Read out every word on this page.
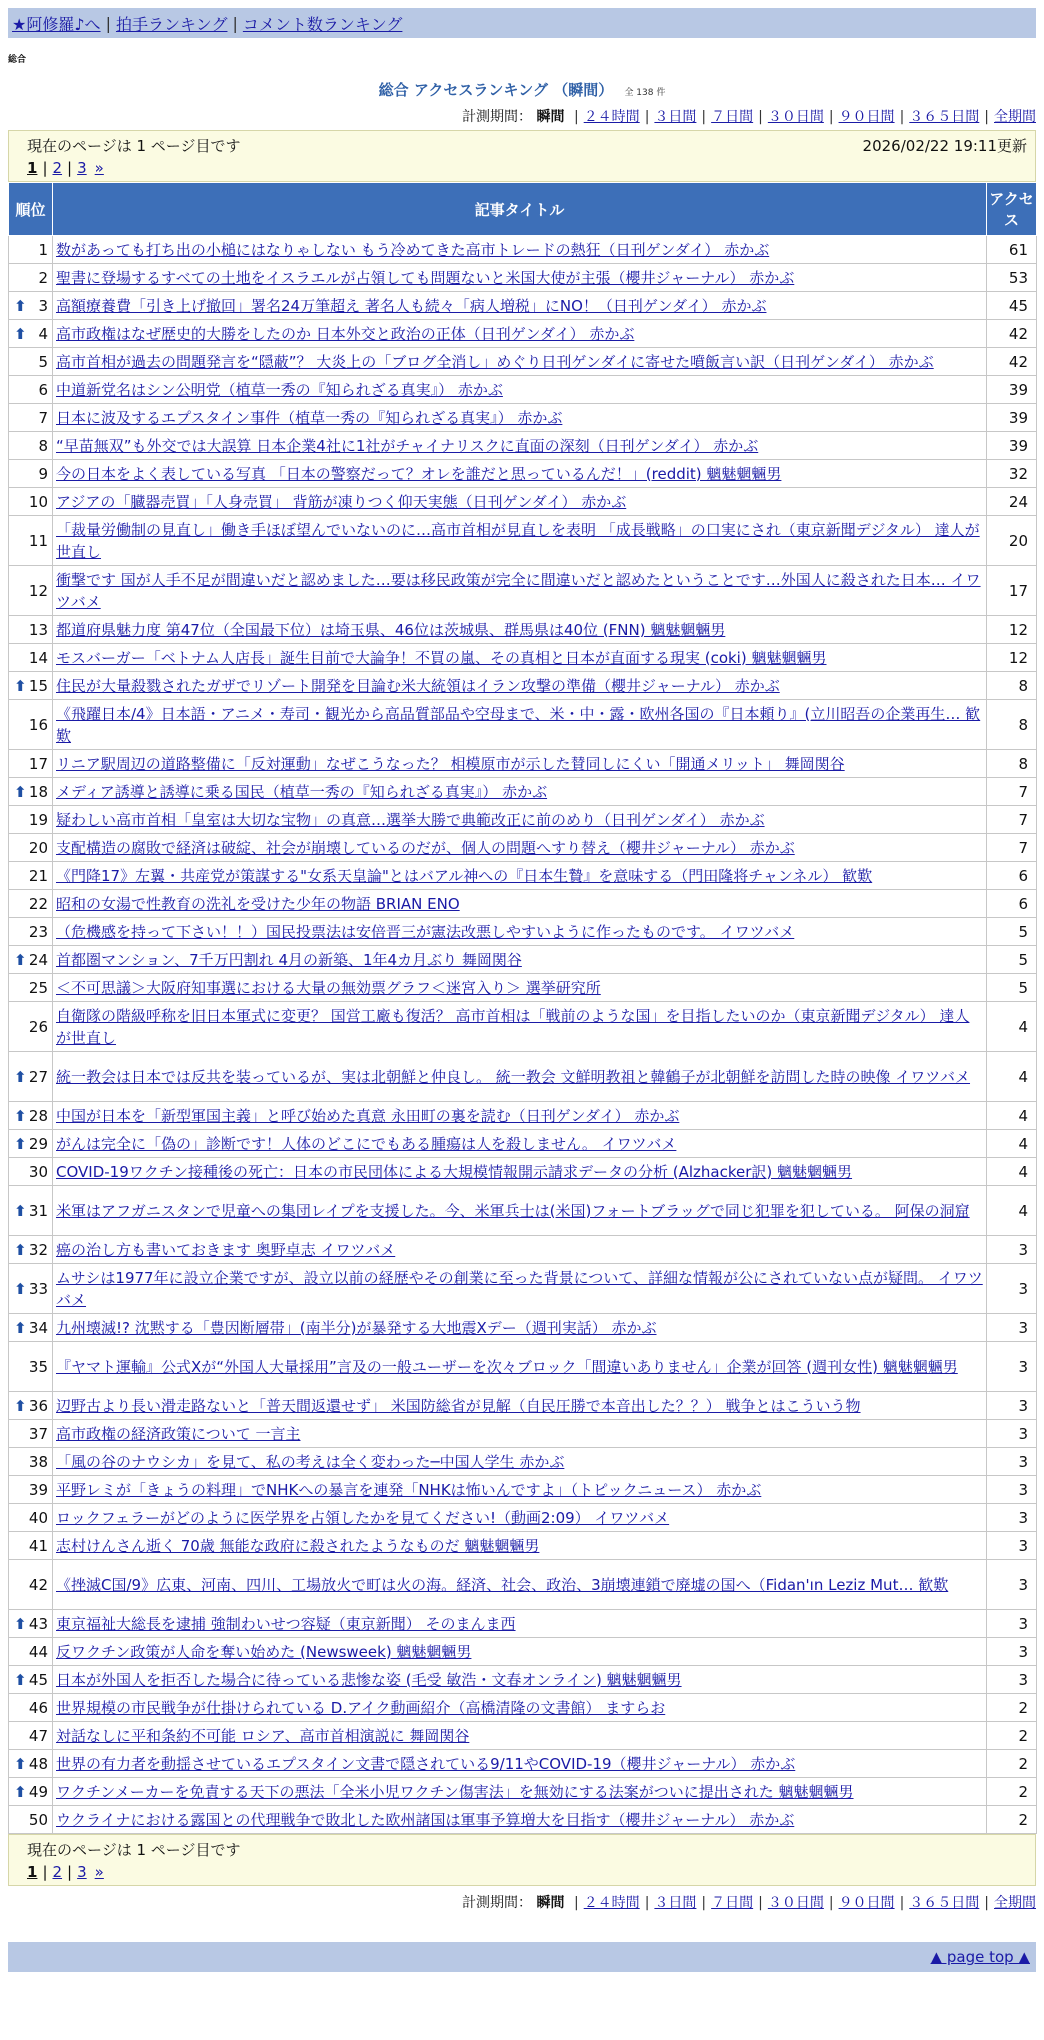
★阿修羅♪へ | 拍手ランキング | コメント数ランキング
総合
総合 アクセスランキング （瞬間） 全 138 件
計測期間： 瞬間 | ２４時間 | ３日間 | ７日間 | ３０日間 | ９０日間 | ３６５日間 | 全期間
現在のページは 1 ページ目です	2026/02/22 19:11更新
1 | 2 | 3 »
順位	記事タイトル	アクセス
1	数があっても打ち出の小槌にはなりゃしない もう冷めてきた高市トレードの熱狂（日刊ゲンダイ） 赤かぶ	61
2	聖書に登場するすべての土地をイスラエルが占領しても問題ないと米国大使が主張（櫻井ジャーナル） 赤かぶ	53

⬆ 3	高額療養費「引き上げ撤回」署名24万筆超え 著名人も続々「病人増税」にNO！（日刊ゲンダイ） 赤かぶ	45

⬆ 4	高市政権はなぜ歴史的大勝をしたのか 日本外交と政治の正体（日刊ゲンダイ） 赤かぶ	42
5	高市首相が過去の問題発言を“隠蔽”？ 大炎上の「ブログ全消し」めぐり日刊ゲンダイに寄せた噴飯言い訳（日刊ゲンダイ） 赤かぶ	42
6	中道新党名はシン公明党（植草一秀の『知られざる真実』） 赤かぶ	39
7	日本に波及するエプスタイン事件（植草一秀の『知られざる真実』） 赤かぶ	39
8	“早苗無双”も外交では大誤算 日本企業4社に1社がチャイナリスクに直面の深刻（日刊ゲンダイ） 赤かぶ	39
9	今の日本をよく表している写真 「日本の警察だって？オレを誰だと思っているんだ！」(reddit) 魑魅魍魎男	32
10	アジアの「臓器売買」「人身売買」 背筋が凍りつく仰天実態（日刊ゲンダイ） 赤かぶ	24
11	「裁量労働制の見直し」働き手ほぼ望んでいないのに…高市首相が見直しを表明 「成長戦略」の口実にされ（東京新聞デジタル） 達人が世直し	20
12	衝撃です 国が人手不足が間違いだと認めました…要は移民政策が完全に間違いだと認めたということです…外国人に殺された日本… イワツバメ	17
13	都道府県魅力度 第47位（全国最下位）は埼玉県、46位は茨城県、群馬県は40位 (FNN) 魑魅魍魎男	12
14	モスバーガー「ベトナム人店長」誕生目前で大論争！不買の嵐、その真相と日本が直面する現実 (coki) 魑魅魍魎男	12

⬆ 15	住民が大量殺戮されたガザでリゾート開発を目論む米大統領はイラン攻撃の準備（櫻井ジャーナル） 赤かぶ	8
16	《飛躍日本/4》日本語・アニメ・寿司・観光から高品質部品や空母まで、米・中・露・欧州各国の『日本頼り』(立川昭吾の企業再生… 歓歎	8
17	リニア駅周辺の道路整備に「反対運動」なぜこうなった？ 相模原市が示した賛同しにくい「開通メリット」 舞岡関谷	8

⬆ 18	メディア誘導と誘導に乗る国民（植草一秀の『知られざる真実』） 赤かぶ	7
19	疑わしい高市首相「皇室は大切な宝物」の真意…選挙大勝で典範改正に前のめり（日刊ゲンダイ） 赤かぶ	7
20	支配構造の腐敗で経済は破綻、社会が崩壊しているのだが、個人の問題へすり替え（櫻井ジャーナル） 赤かぶ	7
21	《門降17》左翼・共産党が策謀する"女系天皇論"とはバアル神への『日本生贄』を意味する（門田隆将チャンネル） 歓歎	6
22	昭和の女湯で性教育の洗礼を受けた少年の物語 BRIAN ENO	6
23	（危機感を持って下さい！！）国民投票法は安倍晋三が憲法改悪しやすいように作ったものです。 イワツバメ	5

⬆ 24	首都圏マンション、7千万円割れ 4月の新築、1年4カ月ぶり 舞岡関谷	5
25	＜不可思議＞大阪府知事選における大量の無効票グラフ＜迷宮入り＞ 選挙研究所	5
26	自衛隊の階級呼称を旧日本軍式に変更？ 国営工廠も復活？ 高市首相は「戦前のような国」を目指したいのか（東京新聞デジタル） 達人が世直し	4

⬆ 27	統一教会は日本では反共を装っているが、実は北朝鮮と仲良し。 統一教会 文鮮明教祖と韓鶴子が北朝鮮を訪問した時の映像 イワツバメ	4

⬆ 28	中国が日本を「新型軍国主義」と呼び始めた真意 永田町の裏を読む（日刊ゲンダイ） 赤かぶ	4

⬆ 29	がんは完全に「偽の」診断です！人体のどこにでもある腫瘍は人を殺しません。 イワツバメ	4
30	COVID-19ワクチン接種後の死亡：日本の市民団体による大規模情報開示請求データの分析 (Alzhacker訳) 魑魅魍魎男	4

⬆ 31	米軍はアフガニスタンで児童への集団レイプを支援した。今、米軍兵士は(米国)フォートブラッグで同じ犯罪を犯している。 阿保の洞窟	4

⬆ 32	癌の治し方も書いておきます 奥野卓志 イワツバメ	3

⬆ 33	ムサシは1977年に設立企業ですが、設立以前の経歴やその創業に至った背景について、詳細な情報が公にされていない点が疑問。 イワツバメ	3

⬆ 34	九州壊滅!? 沈黙する「豊因断層帯」(南半分)が暴発する大地震Xデー（週刊実話） 赤かぶ	3
35	『ヤマト運輸』公式Xが“外国人大量採用”言及の一般ユーザーを次々ブロック「間違いありません」企業が回答 (週刊女性) 魑魅魍魎男	3

⬆ 36	辺野古より長い滑走路ないと「普天間返還せず」 米国防総省が見解（自民圧勝で本音出した？？） 戦争とはこういう物	3
37	高市政権の経済政策について 一言主	3
38	「風の谷のナウシカ」を見て、私の考えは全く変わった─中国人学生 赤かぶ	3
39	平野レミが「きょうの料理」でNHKへの暴言を連発「NHKは怖いんですよ」（トピックニュース） 赤かぶ	3
40	ロックフェラーがどのように医学界を占領したかを見てください!（動画2:09） イワツバメ	3
41	志村けんさん逝く 70歳 無能な政府に殺されたようなものだ 魑魅魍魎男	3
42	《挫滅C国/9》広東、河南、四川、工場放火で町は火の海。経済、社会、政治、3崩壊連鎖で廃墟の国へ（Fidan'ın Leziz Mut… 歓歎	3

⬆ 43	東京福祉大総長を逮捕 強制わいせつ容疑（東京新聞） そのまんま西	3
44	反ワクチン政策が人命を奪い始めた (Newsweek) 魑魅魍魎男	3

⬆ 45	日本が外国人を拒否した場合に待っている悲惨な姿 (毛受 敏浩・文春オンライン) 魑魅魍魎男	3
46	世界規模の市民戦争が仕掛けられている D.アイク動画紹介（高橋清隆の文書館） ますらお	2
47	対話なしに平和条約不可能 ロシア、高市首相演説に 舞岡関谷	2

⬆ 48	世界の有力者を動揺させているエプスタイン文書で隠されている9/11やCOVID-19（櫻井ジャーナル） 赤かぶ	2

⬆ 49	ワクチンメーカーを免責する天下の悪法「全米小児ワクチン傷害法」を無効にする法案がついに提出された 魑魅魍魎男	2
50	ウクライナにおける露国との代理戦争で敗北した欧州諸国は軍事予算増大を目指す（櫻井ジャーナル） 赤かぶ	2
現在のページは 1 ページ目です
1 | 2 | 3 »
計測期間： 瞬間 | ２４時間 | ３日間 | ７日間 | ３０日間 | ９０日間 | ３６５日間 | 全期間
▲ page top ▲
